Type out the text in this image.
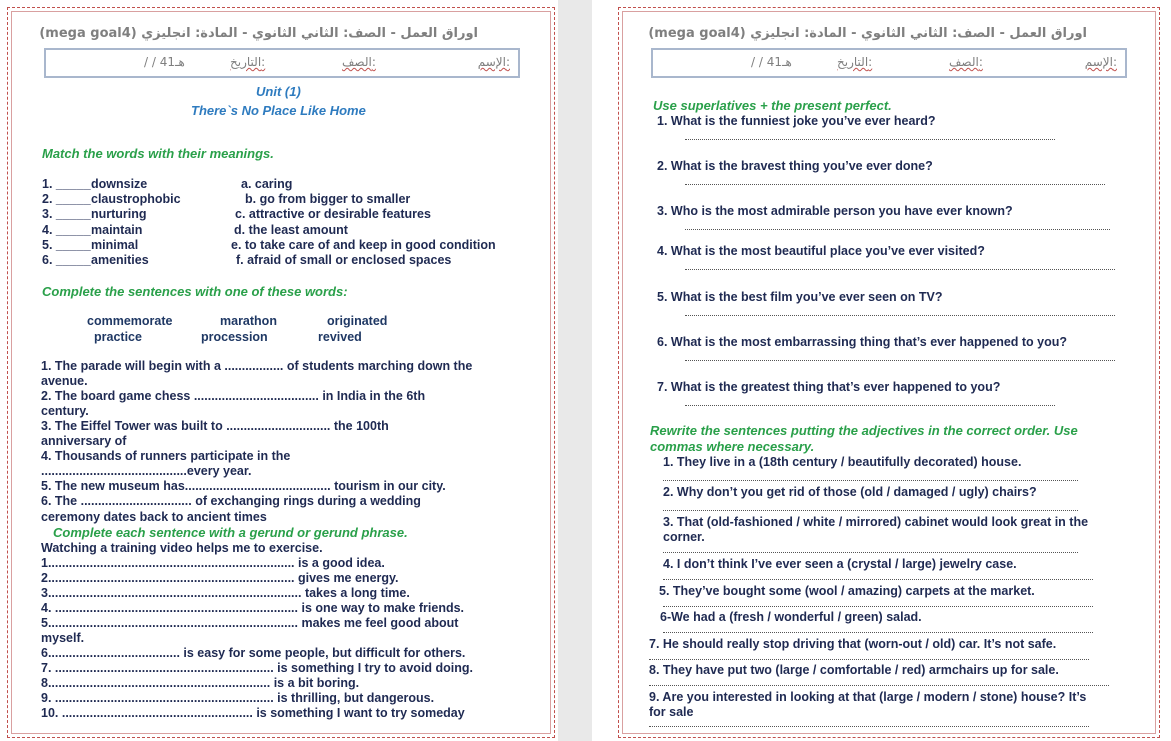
اوراق العمل - الصف: الثاني الثانوي - المادة: انجليزي (mega goal4)
الإسم:
الصف:
التاريخ:
/ / 41هـ
Unit (1)
There`s No Place Like Home
Match the words with their meanings.
1. _____ downsize	a. caring
2. _____ claustrophobic	b. go from bigger to smaller
3. _____ nurturing	c. attractive or desirable features
4. _____ maintain	d. the least amount
5. _____ minimal	e. to take care of and keep in good condition
6. _____ amenities	f. afraid of small or enclosed spaces
Complete the sentences with one of these words:
commemorate	marathon	originated
practice	procession	revived
1. The parade will begin with a ................. of students marching down the
avenue.
2. The board game chess .................................... in India in the 6th
century.
3. The Eiffel Tower was built to .............................. the 100th
anniversary of
4. Thousands of runners participate in the
..........................................every year.
5. The new museum has.......................................... tourism in our city.
6. The ................................ of exchanging rings during a wedding
ceremony dates back to ancient times
Complete each sentence with a gerund or gerund phrase.
Watching a training video helps me to exercise.
1....................................................................... is a good idea.
2....................................................................... gives me energy.
3......................................................................... takes a long time.
4. ...................................................................... is one way to make friends.
5........................................................................ makes me feel good about
myself.
6...................................... is easy for some people, but difficult for others.
7. ............................................................... is something I try to avoid doing.
8................................................................ is a bit boring.
9. ............................................................... is thrilling, but dangerous.
10. ....................................................... is something I want to try someday
اوراق العمل - الصف: الثاني الثانوي - المادة: انجليزي (mega goal4)
الإسم:
الصف:
التاريخ:
/ / 41هـ
Use superlatives + the present perfect.
1. What is the funniest joke you’ve ever heard?
2. What is the bravest thing you’ve ever done?
3. Who is the most admirable person you have ever known?
4. What is the most beautiful place you’ve ever visited?
5. What is the best film you’ve ever seen on TV?
6. What is the most embarrassing thing that’s ever happened to you?
7. What is the greatest thing that’s ever happened to you?
Rewrite the sentences putting the adjectives in the correct order. Use
commas where necessary.
1. They live in a (18th century / beautifully decorated) house.
2. Why don’t you get rid of those (old / damaged / ugly) chairs?
3. That (old-fashioned / white / mirrored) cabinet would look great in the
corner.
4. I don’t think I’ve ever seen a (crystal / large) jewelry case.
5. They’ve bought some (wool / amazing) carpets at the market.
6-We had a (fresh / wonderful / green) salad.
7. He should really stop driving that (worn-out / old) car. It’s not safe.
8. They have put two (large / comfortable / red) armchairs up for sale.
9. Are you interested in looking at that (large / modern / stone) house? It’s
for sale
